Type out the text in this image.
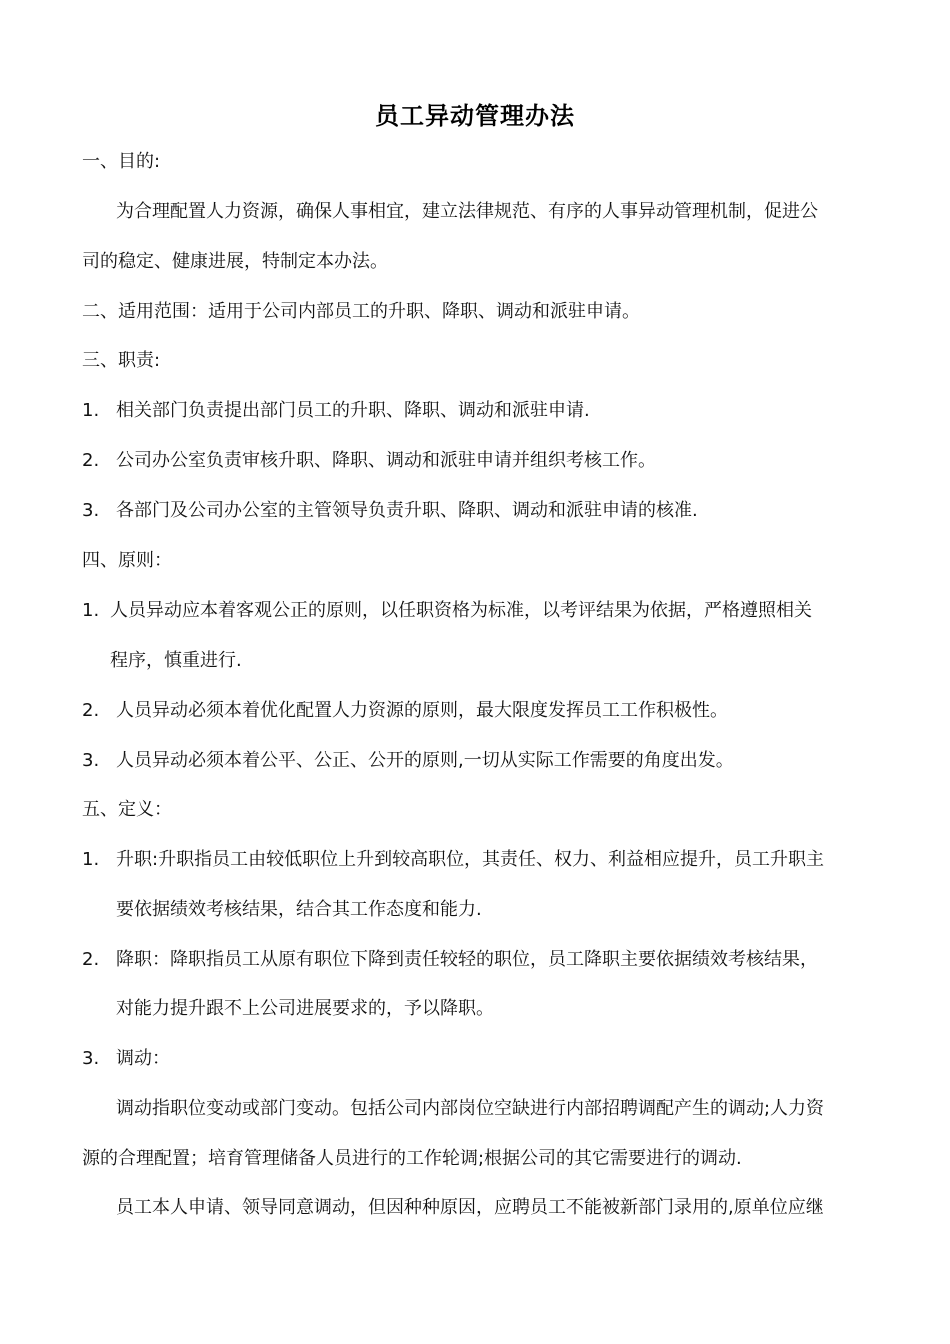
员工异动管理办法
一、目的:
为合理配置人力资源，确保人事相宜，建立法律规范、有序的人事异动管理机制，促进公
司的稳定、健康进展，特制定本办法。
二、适用范围：适用于公司内部员工的升职、降职、调动和派驻申请。
三、职责:
1. 相关部门负责提出部门员工的升职、降职、调动和派驻申请.
2. 公司办公室负责审核升职、降职、调动和派驻申请并组织考核工作。
3. 各部门及公司办公室的主管领导负责升职、降职、调动和派驻申请的核准.
四、原则：
1. 人员异动应本着客观公正的原则，以任职资格为标准，以考评结果为依据，严格遵照相关
程序，慎重进行.
2. 人员异动必须本着优化配置人力资源的原则，最大限度发挥员工工作积极性。
3. 人员异动必须本着公平、公正、公开的原则,一切从实际工作需要的角度出发。
五、定义：
1. 升职:升职指员工由较低职位上升到较高职位，其责任、权力、利益相应提升，员工升职主
要依据绩效考核结果，结合其工作态度和能力.
2. 降职：降职指员工从原有职位下降到责任较轻的职位，员工降职主要依据绩效考核结果，
对能力提升跟不上公司进展要求的，予以降职。
3. 调动：
调动指职位变动或部门变动。包括公司内部岗位空缺进行内部招聘调配产生的调动;人力资
源的合理配置；培育管理储备人员进行的工作轮调;根据公司的其它需要进行的调动.
员工本人申请、领导同意调动，但因种种原因，应聘员工不能被新部门录用的,原单位应继
